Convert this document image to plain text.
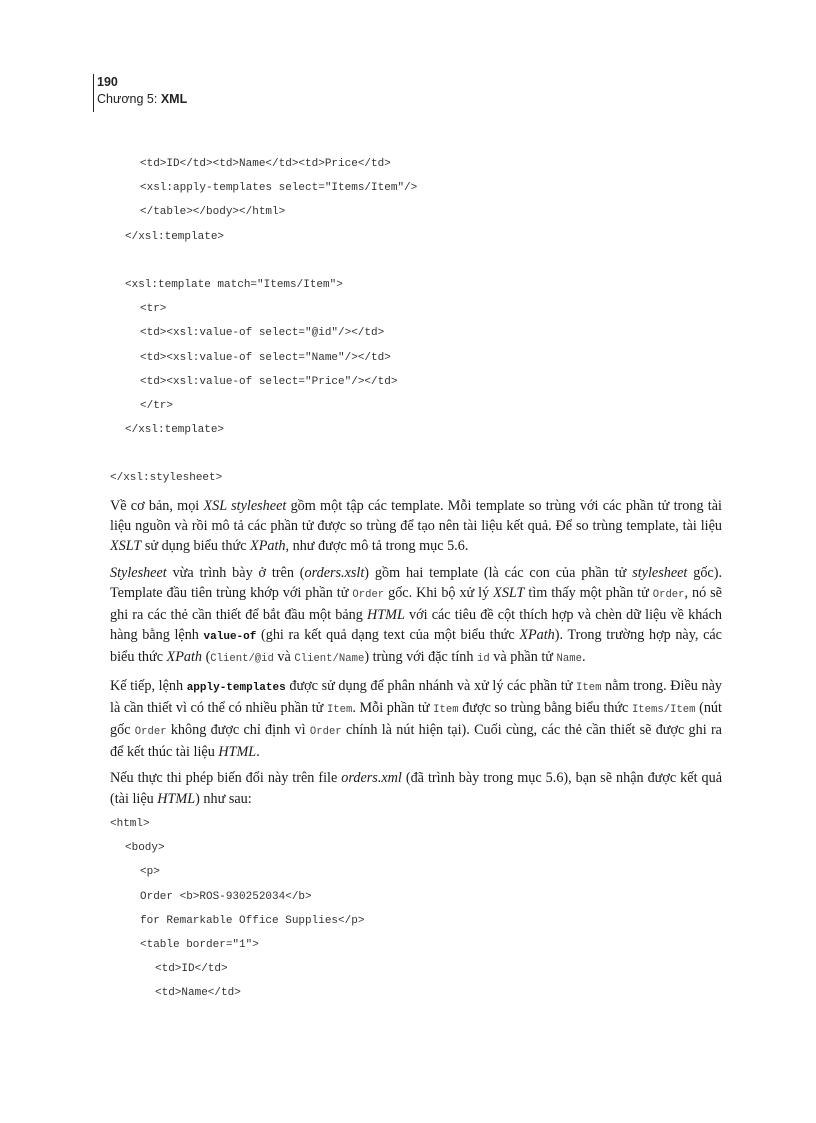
190
Chương 5: XML
<td>ID</td><td>Name</td><td>Price</td>
<xsl:apply-templates select="Items/Item"/>
</table></body></html>
</xsl:template>
<xsl:template match="Items/Item">
<tr>
<td><xsl:value-of select="@id"/></td>
<td><xsl:value-of select="Name"/></td>
<td><xsl:value-of select="Price"/></td>
</tr>
</xsl:template>
</xsl:stylesheet>

Về cơ bản, mọi XSL stylesheet gồm một tập các template. Mỗi template so trùng với các phần tử trong tài liệu nguồn và rồi mô tả các phần tử được so trùng để tạo nên tài liệu kết quả. Để so trùng template, tài liệu XSLT sử dụng biểu thức XPath, như được mô tả trong mục 5.6.

Stylesheet vừa trình bày ở trên (orders.xslt) gồm hai template (là các con của phần tử stylesheet gốc). Template đầu tiên trùng khớp với phần tử Order gốc. Khi bộ xử lý XSLT tìm thấy một phần tử Order, nó sẽ ghi ra các thẻ cần thiết để bắt đầu một bảng HTML với các tiêu đề cột thích hợp và chèn dữ liệu về khách hàng bằng lệnh value-of (ghi ra kết quả dạng text của một biểu thức XPath). Trong trường hợp này, các biểu thức XPath (Client/@id và Client/Name) trùng với đặc tính id và phần tử Name.

Kế tiếp, lệnh apply-templates được sử dụng để phân nhánh và xử lý các phần tử Item nằm trong. Điều này là cần thiết vì có thể có nhiều phần tử Item. Mỗi phần tử Item được so trùng bằng biểu thức Items/Item (nút gốc Order không được chỉ định vì Order chính là nút hiện tại). Cuối cùng, các thẻ cần thiết sẽ được ghi ra để kết thúc tài liệu HTML.

Nếu thực thi phép biến đổi này trên file orders.xml (đã trình bày trong mục 5.6), bạn sẽ nhận được kết quả (tài liệu HTML) như sau:

<html>
<body>
<p>
Order <b>ROS-930252034</b>
for Remarkable Office Supplies</p>
<table border="1">
<td>ID</td>
<td>Name</td>
